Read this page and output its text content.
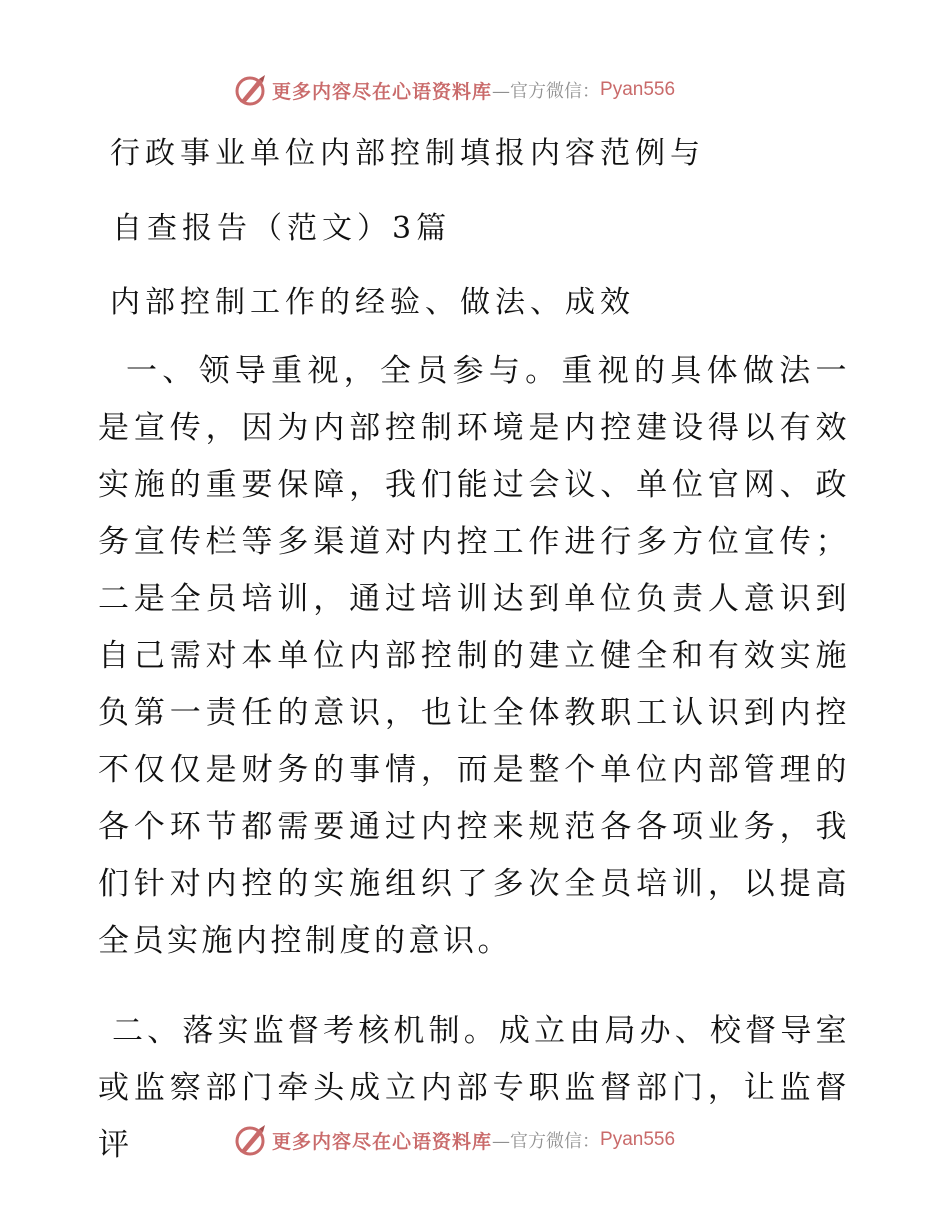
更多内容尽在心语资料库 —官方微信： Pyan556
行政事业单位内部控制填报内容范例与
自查报告（范文）3篇
内部控制工作的经验、做法、成效

一、领导重视，全员参与。重视的具体做法一是宣传，因为内部控制环境是内控建设得以有效实施的重要保障，我们能过会议、单位官网、政务宣传栏等多渠道对内控工作进行多方位宣传；二是全员培训，通过培训达到单位负责人意识到自己需对本单位内部控制的建立健全和有效实施负第一责任的意识，也让全体教职工认识到内控不仅仅是财务的事情，而是整个单位内部管理的各个环节都需要通过内控来规范各各项业务，我们针对内控的实施组织了多次全员培训，以提高全员实施内控制度的意识。

二、落实监督考核机制。成立由局办、校督导室或监察部门牵头成立内部专职监督部门，让监督评	更多内容尽在心语资料库 —官方微信： Pyan556
